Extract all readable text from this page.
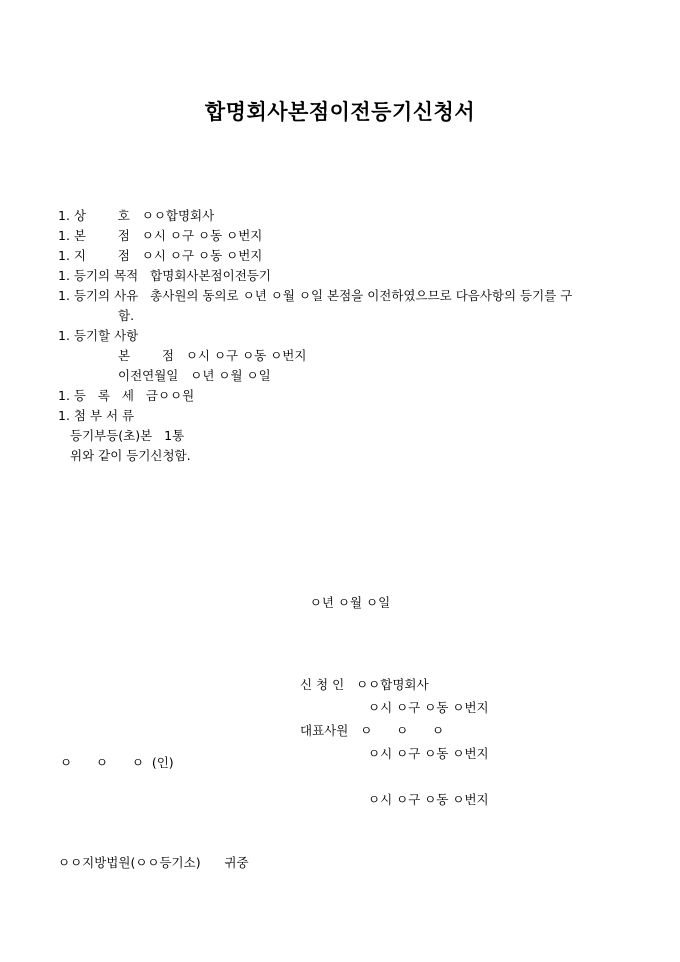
합명회사본점이전등기신청서

1. 상        호   ㅇㅇ합명회사

1. 본        점   ㅇ시 ㅇ구 ㅇ동 ㅇ번지

1. 지        점   ㅇ시 ㅇ구 ㅇ동 ㅇ번지

1. 등기의 목적   합명회사본점이전등기

1. 등기의 사유   총사원의 동의로 ㅇ년 ㅇ월 ㅇ일 본점을 이전하였으므로 다음사항의 등기를 구

함.

1. 등기할 사항

본        점   ㅇ시 ㅇ구 ㅇ동 ㅇ번지

이전연월일   ㅇ년 ㅇ월 ㅇ일

1. 등   록   세   금ㅇㅇ원

1. 첨 부 서 류

등기부등(초)본   1통

위와 같이 등기신청함.

ㅇ년 ㅇ월 ㅇ일

신 청 인   ㅇㅇ합명회사

ㅇ시 ㅇ구 ㅇ동 ㅇ번지

대표사원   ㅇ      ㅇ      ㅇ

ㅇ시 ㅇ구 ㅇ동 ㅇ번지

ㅇ시 ㅇ구 ㅇ동 ㅇ번지

ㅇ      ㅇ      ㅇ  (인)
ㅇㅇ지방법원(ㅇㅇ등기소)      귀중
